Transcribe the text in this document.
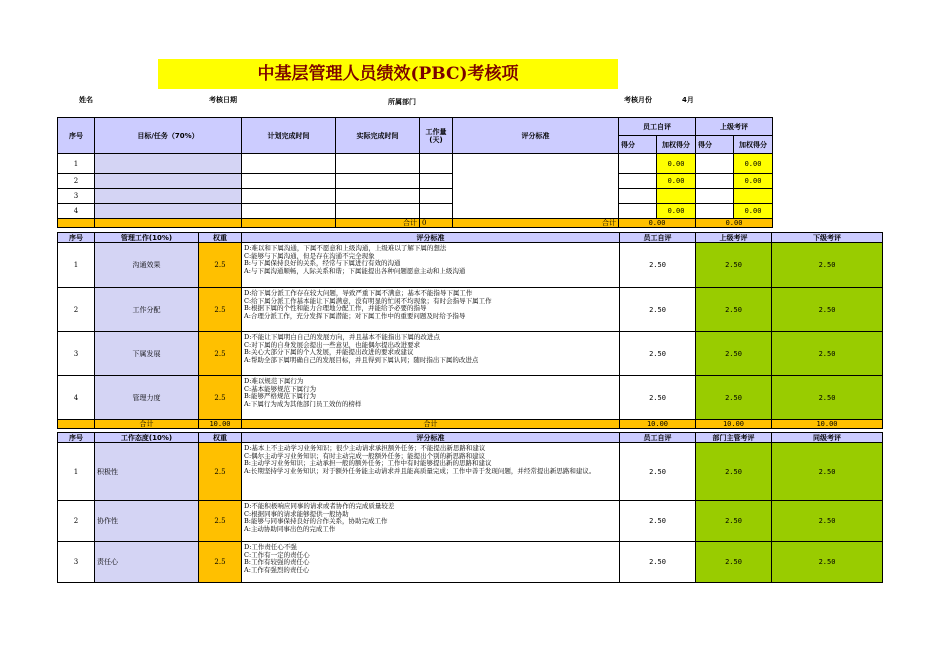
中基层管理人员绩效(PBC)考核项
姓名	考核日期	所属部门	考核月份	4月
序号	目标/任务（70%）	计划完成时间	实际完成时间	工作量(天)	评分标准	员工自评		上级考评	
						得分	加权得分	得分	加权得分
1							0.00		0.00
2							0.00		0.00
3									
4							0.00		0.00
			合计	0	合计	0.00		0.00	
序号	管理工作(10%)	权重	评分标准	员工自评	上级考评	下级考评
1	沟通效果	2.5	D:难以和下属沟通，下属不愿意和上级沟通，上级难以了解下属的想法
C:能够与下属沟通，但是存在沟通不完全现象
B:与下属保持良好的关系，经常与下属进行有效的沟通
A:与下属沟通顺畅，人际关系和谐；下属能提出各种问题愿意主动和上级沟通	2.50	2.50	2.50
2	工作分配	2.5	D:给下属分派工作存在较大问题，导致严重下属不满意；基本不能指导下属工作
C:给下属分派工作基本能让下属满意，没有明显的忙闲不均现象；有时会指导下属工作
B:根据下属的个性和能力合理地分配工作，并能给予必要的指导
A:合理分派工作，充分发挥下属潜能；对下属工作中的重要问题及时给予指导	2.50	2.50	2.50
3	下属发展	2.5	D:不能让下属明白自己的发展方向，并且基本不能指出下属的改进点
C:对下属的自身发展会提出一些意见，也能偶尔提出改进要求
B:关心大部分下属的个人发展，并能提出改进的要求或建议
A:帮助全部下属明确自己的发展目标，并且得到下属认同；随时指出下属的改进点	2.50	2.50	2.50
4	管理力度	2.5	D:难以规范下属行为
C:基本能够规范下属行为
B:能够严格规范下属行为
A:下属行为成为其他部门员工效仿的榜样	2.50	2.50	2.50
	合计	10.00	合计	10.00	10.00	10.00
序号	工作态度(10%)	权重	评分标准	员工自评	部门主管考评	同级考评
1	积极性	2.5	D:基本上不主动学习业务知识；很少主动请求承担额外任务；不能提出新思路和建议
C:偶尔主动学习业务知识；有时主动完成一般额外任务；能提出个别的新思路和建议
B:主动学习业务知识；主动承担一般的额外任务；工作中有时能够提出新的思路和建议
A:长期坚持学习业务知识；对于额外任务能主动请求并且能高质量完成；工作中善于发现问题，并经常提出新思路和建议。	2.50	2.50	2.50
2	协作性	2.5	D:不能积极响应同事的请求或者协作的完成质量较差
C:根据同事的请求能够提供一般协助
B:能够与同事保持良好的合作关系，协助完成工作
A:主动协助同事出色的完成工作	2.50	2.50	2.50
3	责任心	2.5	D:工作责任心不强
C:工作有一定的责任心
B:工作有较强的责任心
A:工作有强烈的责任心	2.50	2.50	2.50
